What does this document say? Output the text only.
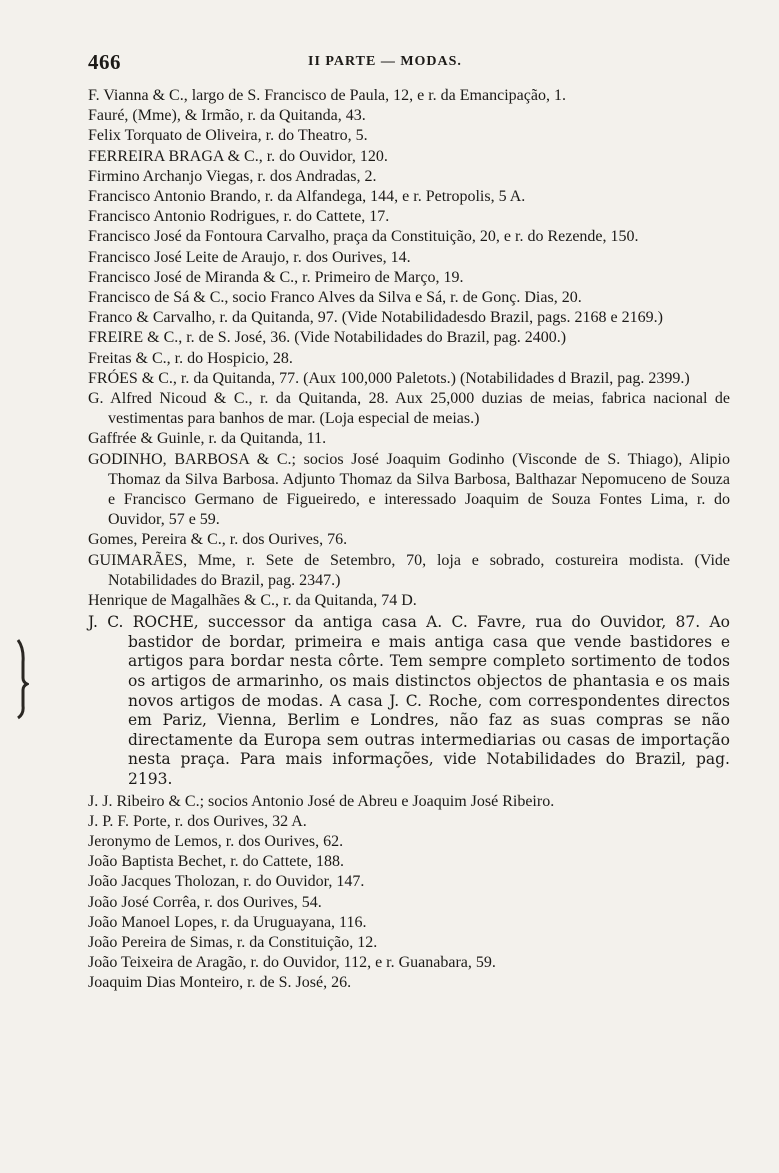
466	II PARTE — MODAS.
F. Vianna & C., largo de S. Francisco de Paula, 12, e r. da Emancipação, 1.
Fauré, (Mme), & Irmão, r. da Quitanda, 43.
Felix Torquato de Oliveira, r. do Theatro, 5.
FERREIRA BRAGA & C., r. do Ouvidor, 120.
Firmino Archanjo Viegas, r. dos Andradas, 2.
Francisco Antonio Brando, r. da Alfandega, 144, e r. Petropolis, 5 A.
Francisco Antonio Rodrigues, r. do Cattete, 17.
Francisco José da Fontoura Carvalho, praça da Constituição, 20, e r. do Rezende, 150.
Francisco José Leite de Araujo, r. dos Ourives, 14.
Francisco José de Miranda & C., r. Primeiro de Março, 19.
Francisco de Sá & C., socio Franco Alves da Silva e Sá, r. de Gonç. Dias, 20.
Franco & Carvalho, r. da Quitanda, 97. (Vide Notabilidadesdo Brazil, pags. 2168 e 2169.)
FREIRE & C., r. de S. José, 36. (Vide Notabilidades do Brazil, pag. 2400.)
Freitas & C., r. do Hospicio, 28.
FRÓES & C., r. da Quitanda, 77. (Aux 100,000 Paletots.) (Notabilidades d Brazil, pag. 2399.)
G. Alfred Nicoud & C., r. da Quitanda, 28. Aux 25,000 duzias de meias, fabrica nacional de vestimentas para banhos de mar. (Loja especial de meias.)
Gaffrée & Guinle, r. da Quitanda, 11.
GODINHO, BARBOSA & C.; socios José Joaquim Godinho (Visconde de S. Thiago), Alipio Thomaz da Silva Barbosa. Adjunto Thomaz da Silva Barbosa, Balthazar Nepomuceno de Souza e Francisco Germano de Figueiredo, e interessado Joaquim de Souza Fontes Lima, r. do Ouvidor, 57 e 59.
Gomes, Pereira & C., r. dos Ourives, 76.
GUIMARÃES, Mme, r. Sete de Setembro, 70, loja e sobrado, costureira modista. (Vide Notabilidades do Brazil, pag. 2347.)
Henrique de Magalhães & C., r. da Quitanda, 74 D.
J. C. ROCHE, successor da antiga casa A. C. Favre, rua do Ouvidor, 87. Ao bastidor de bordar, primeira e mais antiga casa que vende bastidores e artigos para bordar nesta côrte. Tem sempre completo sortimento de todos os artigos de armarinho, os mais distinctos objectos de phantasia e os mais novos artigos de modas. A casa J. C. Roche, com correspondentes directos em Pariz, Vienna, Berlim e Londres, não faz as suas compras se não directamente da Europa sem outras intermediarias ou casas de importação nesta praça. Para mais informações, vide Notabilidades do Brazil, pag. 2193.
J. J. Ribeiro & C.; socios Antonio José de Abreu e Joaquim José Ribeiro.
J. P. F. Porte, r. dos Ourives, 32 A.
Jeronymo de Lemos, r. dos Ourives, 62.
João Baptista Bechet, r. do Cattete, 188.
João Jacques Tholozan, r. do Ouvidor, 147.
João José Corrêa, r. dos Ourives, 54.
João Manoel Lopes, r. da Uruguayana, 116.
João Pereira de Simas, r. da Constituição, 12.
João Teixeira de Aragão, r. do Ouvidor, 112, e r. Guanabara, 59.
Joaquim Dias Monteiro, r. de S. José, 26.
